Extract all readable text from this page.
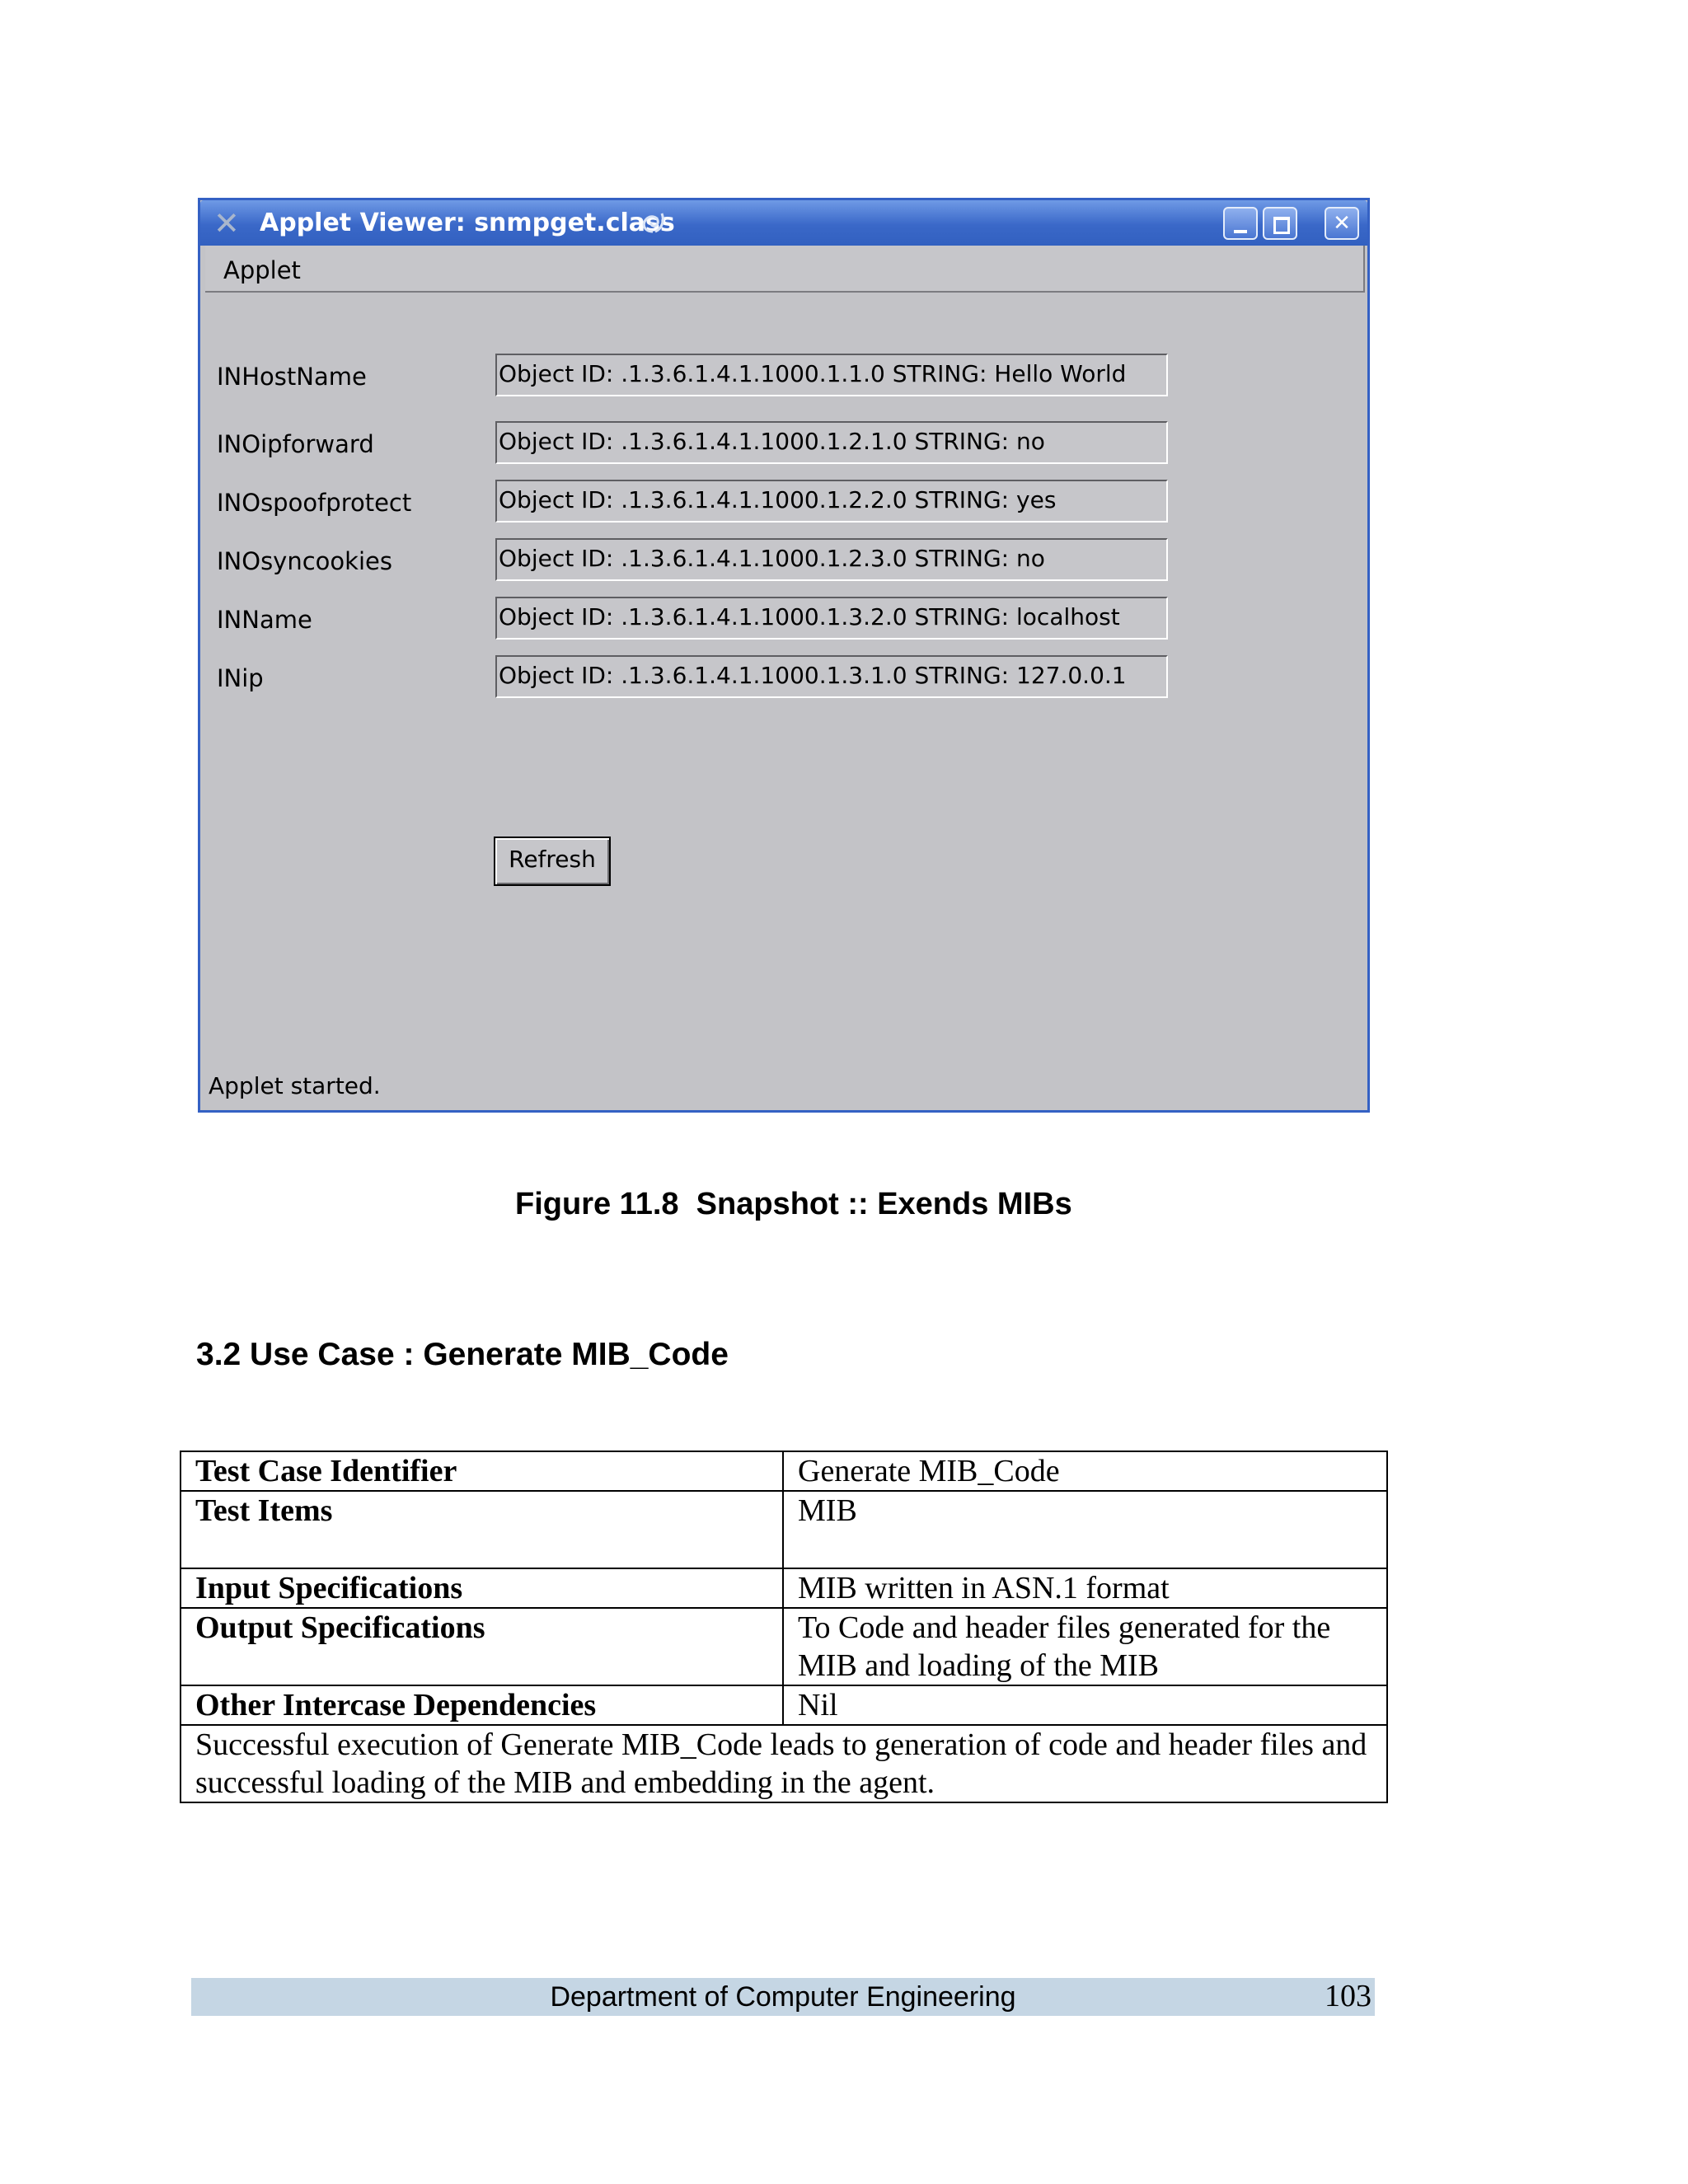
✕ Applet Viewer: snmpget.class	✕
Applet
INHostName	Object ID: .1.3.6.1.4.1.1000.1.1.0 STRING: Hello World
INOipforward	Object ID: .1.3.6.1.4.1.1000.1.2.1.0 STRING: no
INOspoofprotect	Object ID: .1.3.6.1.4.1.1000.1.2.2.0 STRING: yes
INOsyncookies	Object ID: .1.3.6.1.4.1.1000.1.2.3.0 STRING: no
INName	Object ID: .1.3.6.1.4.1.1000.1.3.2.0 STRING: localhost
INip	Object ID: .1.3.6.1.4.1.1000.1.3.1.0 STRING: 127.0.0.1
Refresh
Applet started.
Figure 11.8  Snapshot :: Exends MIBs
3.2 Use Case : Generate MIB_Code
Test Case Identifier	Generate MIB_Code
Test Items	MIB
Input Specifications	MIB written in ASN.1 format
Output Specifications	To Code and header files generated for the MIB and loading of the MIB
Other Intercase Dependencies	Nil
Successful execution of Generate MIB_Code leads to generation of code and header files and successful loading of the MIB and embedding in the agent.	
Department of Computer Engineering	103
